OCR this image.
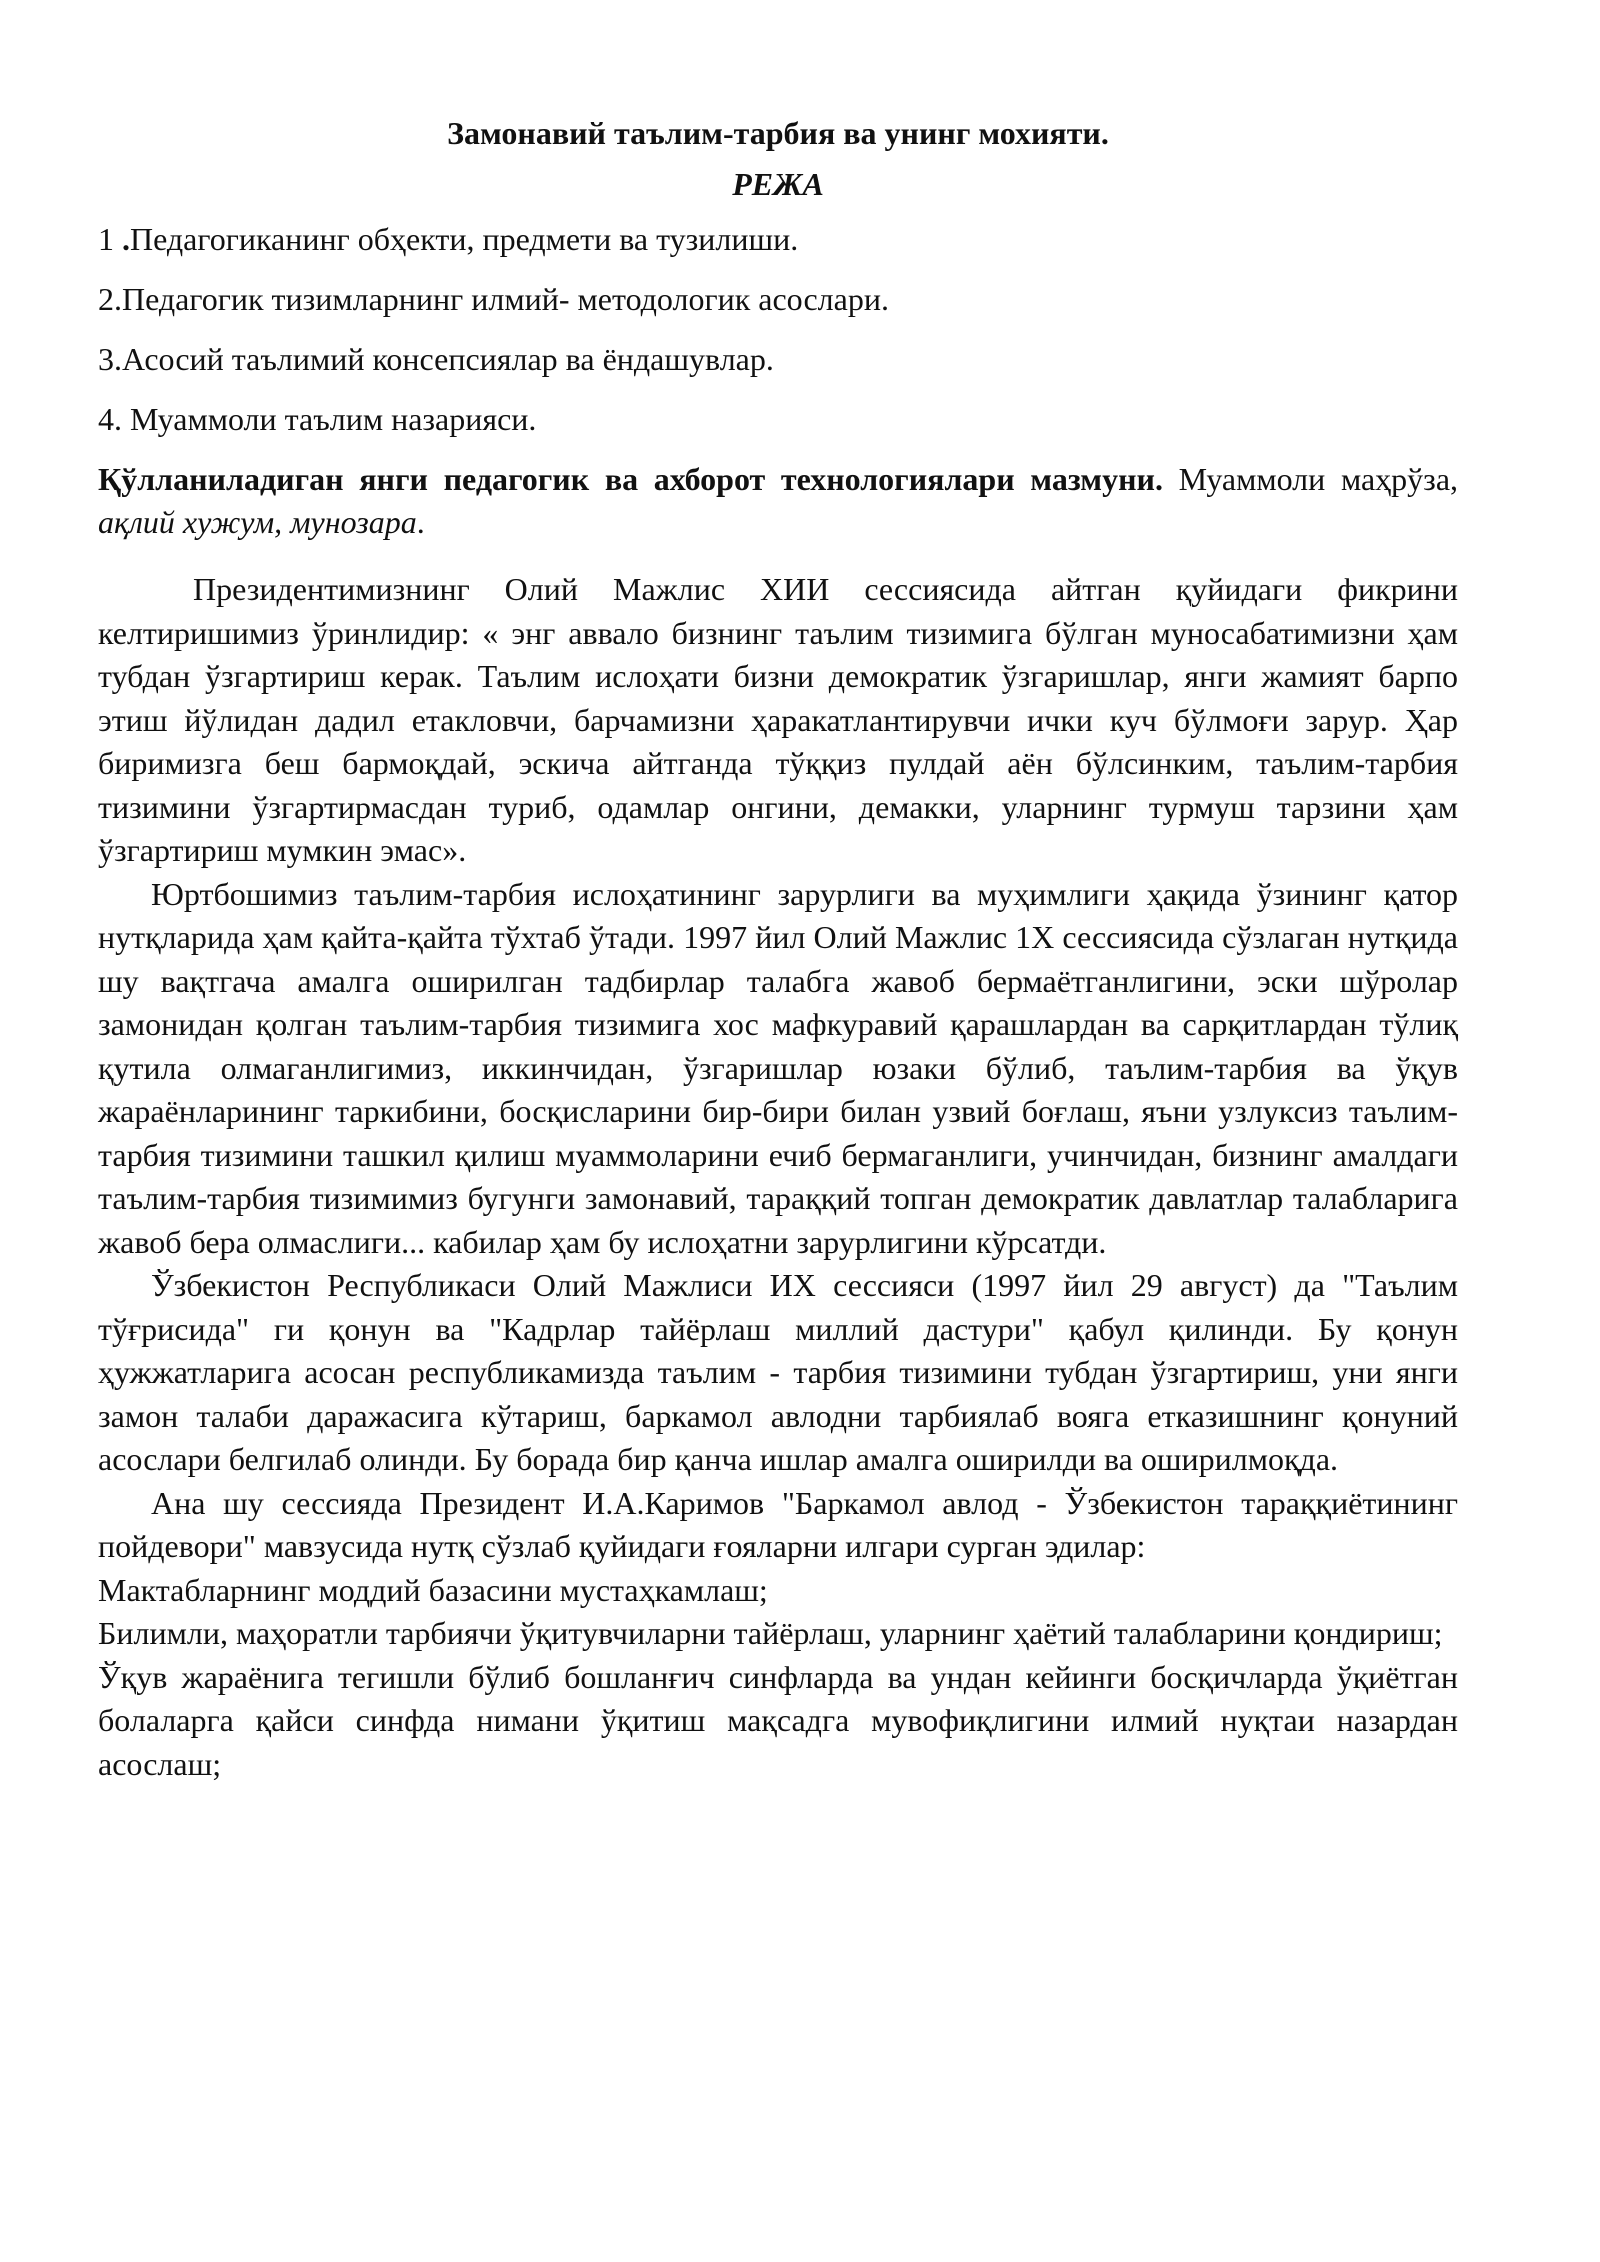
Замонавий таълим-тарбия ва унинг мохияти.
РЕЖА
1 .Педагогиканинг обҳекти, предмети ва тузилиши.
2.Педагогик тизимларнинг илмий- методологик асослари.
3.Асосий таълимий консепсиялар ва ёндашувлар.
4. Муаммоли таълим назарияси.
Қўлланиладиган янги педагогик ва ахборот технологиялари мазмуни. Муаммоли маҳрўза, ақлий хужум, мунозара.

Президентимизнинг Олий Мажлис ХИИ сессиясида айтган қуйидаги фикрини келтиришимиз ўринлидир: « энг аввало бизнинг таълим тизимига бўлган муносабатимизни ҳам тубдан ўзгартириш керак. Таълим ислоҳати бизни демократик ўзгаришлар, янги жамият барпо этиш йўлидан дадил етакловчи, барчамизни ҳаракатлантирувчи ички куч бўлмоғи зарур. Ҳар биримизга беш бармоқдай, эскича айтганда тўққиз пулдай аён бўлсинким, таълим-тарбия тизимини ўзгартирмасдан туриб, одамлар онгини, демакки, уларнинг турмуш тарзини ҳам ўзгартириш мумкин эмас».

Юртбошимиз таълим-тарбия ислоҳатининг зарурлиги ва муҳимлиги ҳақида ўзининг қатор нутқларида ҳам қайта-қайта тўхтаб ўтади. 1997 йил Олий Мажлис 1Х сессиясида сўзлаган нутқида шу вақтгача амалга оширилган тадбирлар талабга жавоб бермаётганлигини, эски шўролар замонидан қолган таълим-тарбия тизимига хос мафкуравий қарашлардан ва сарқитлардан тўлиқ қутила олмаганлигимиз, иккинчидан, ўзгаришлар юзаки бўлиб, таълим-тарбия ва ўқув жараёнларининг таркибини, босқисларини бир-бири билан узвий боғлаш, яъни узлуксиз таълим-тарбия тизимини ташкил қилиш муаммоларини ечиб бермаганлиги, учинчидан, бизнинг амалдаги таълим-тарбия тизимимиз бугунги замонавий, тараққий топган демократик давлатлар талабларига жавоб бера олмаслиги... кабилар ҳам бу ислоҳатни зарурлигини кўрсатди.

Ўзбекистон Республикаси Олий Мажлиси ИХ сессияси (1997 йил 29 август) да "Таълим тўғрисида" ги қонун ва "Кадрлар тайёрлаш миллий дастури" қабул қилинди. Бу қонун ҳужжатларига асосан республикамизда таълим - тарбия тизимини тубдан ўзгартириш, уни янги замон талаби даражасига кўтариш, баркамол авлодни тарбиялаб вояга етказишнинг қонуний асослари белгилаб олинди. Бу борада бир қанча ишлар амалга оширилди ва оширилмоқда.

Ана шу сессияда Президент И.А.Каримов "Баркамол авлод - Ўзбекистон тараққиётининг пойдевори" мавзусида нутқ сўзлаб қуйидаги ғояларни илгари сурган эдилар:

Мактабларнинг моддий базасини мустаҳкамлаш;

Билимли, маҳоратли тарбиячи ўқитувчиларни тайёрлаш, уларнинг ҳаётий талабларини қондириш;

Ўқув жараёнига тегишли бўлиб бошланғич синфларда ва ундан кейинги босқичларда ўқиётган болаларга қайси синфда нимани ўқитиш мақсадга мувофиқлигини илмий нуқтаи назардан асослаш;
